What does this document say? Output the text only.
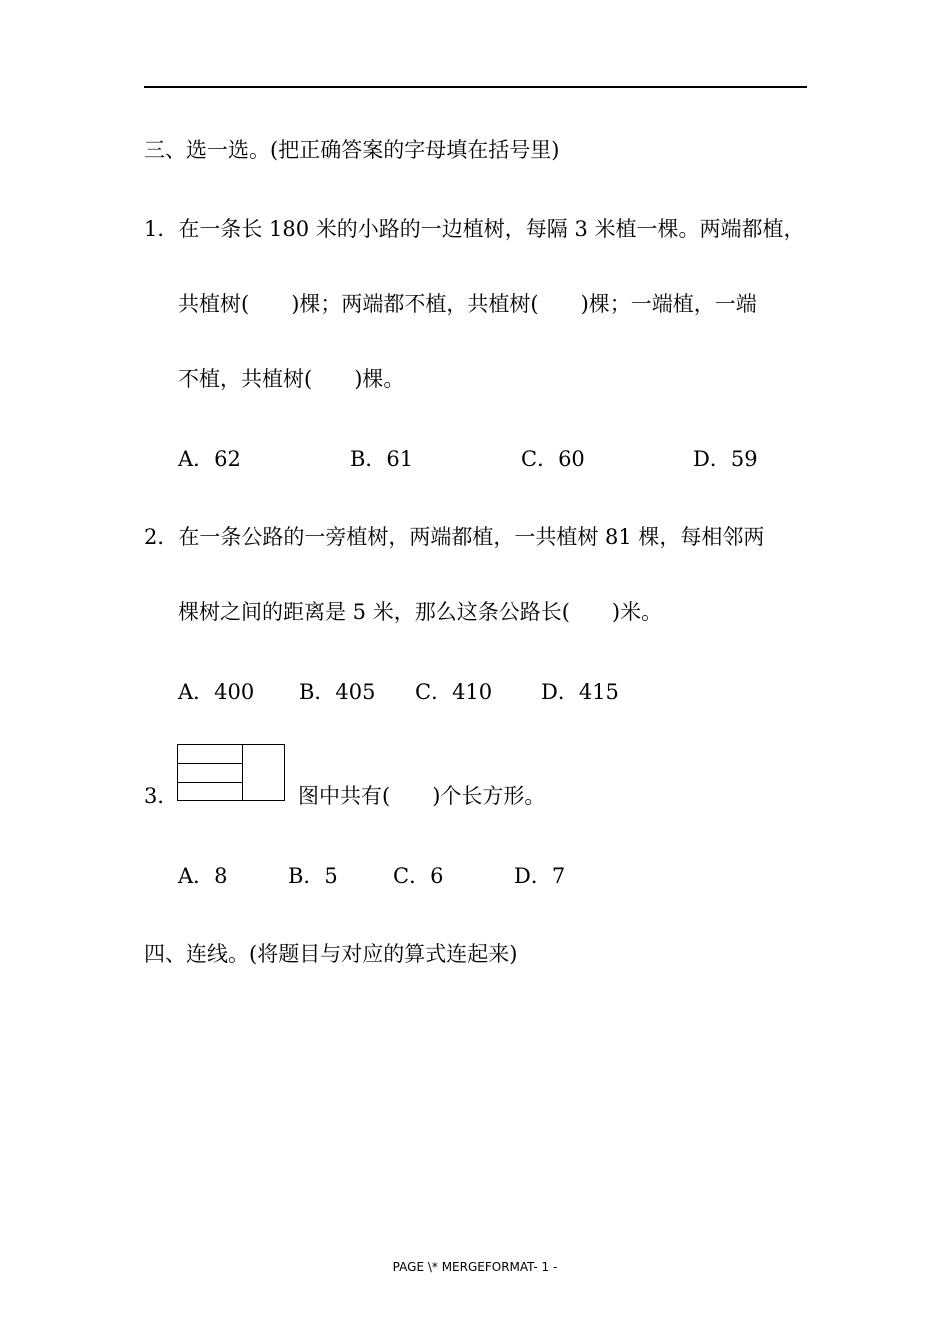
三、选一选。(把正确答案的字母填在括号里)
1．在一条长 180 米的小路的一边植树，每隔 3 米植一棵。两端都植，
共植树(　　)棵；两端都不植，共植树(　　)棵；一端植，一端
不植，共植树(　　)棵。
A．62	B．61	C．60	D．59
2．在一条公路的一旁植树，两端都植，一共植树 81 棵，每相邻两
棵树之间的距离是 5 米，那么这条公路长(　　)米。
A．400 B．405 C．410 D．415
3．	图中共有(　　)个长方形。
A．8	B．5	C．6	D．7
四、连线。(将题目与对应的算式连起来)
PAGE \* MERGEFORMAT- 1 -
